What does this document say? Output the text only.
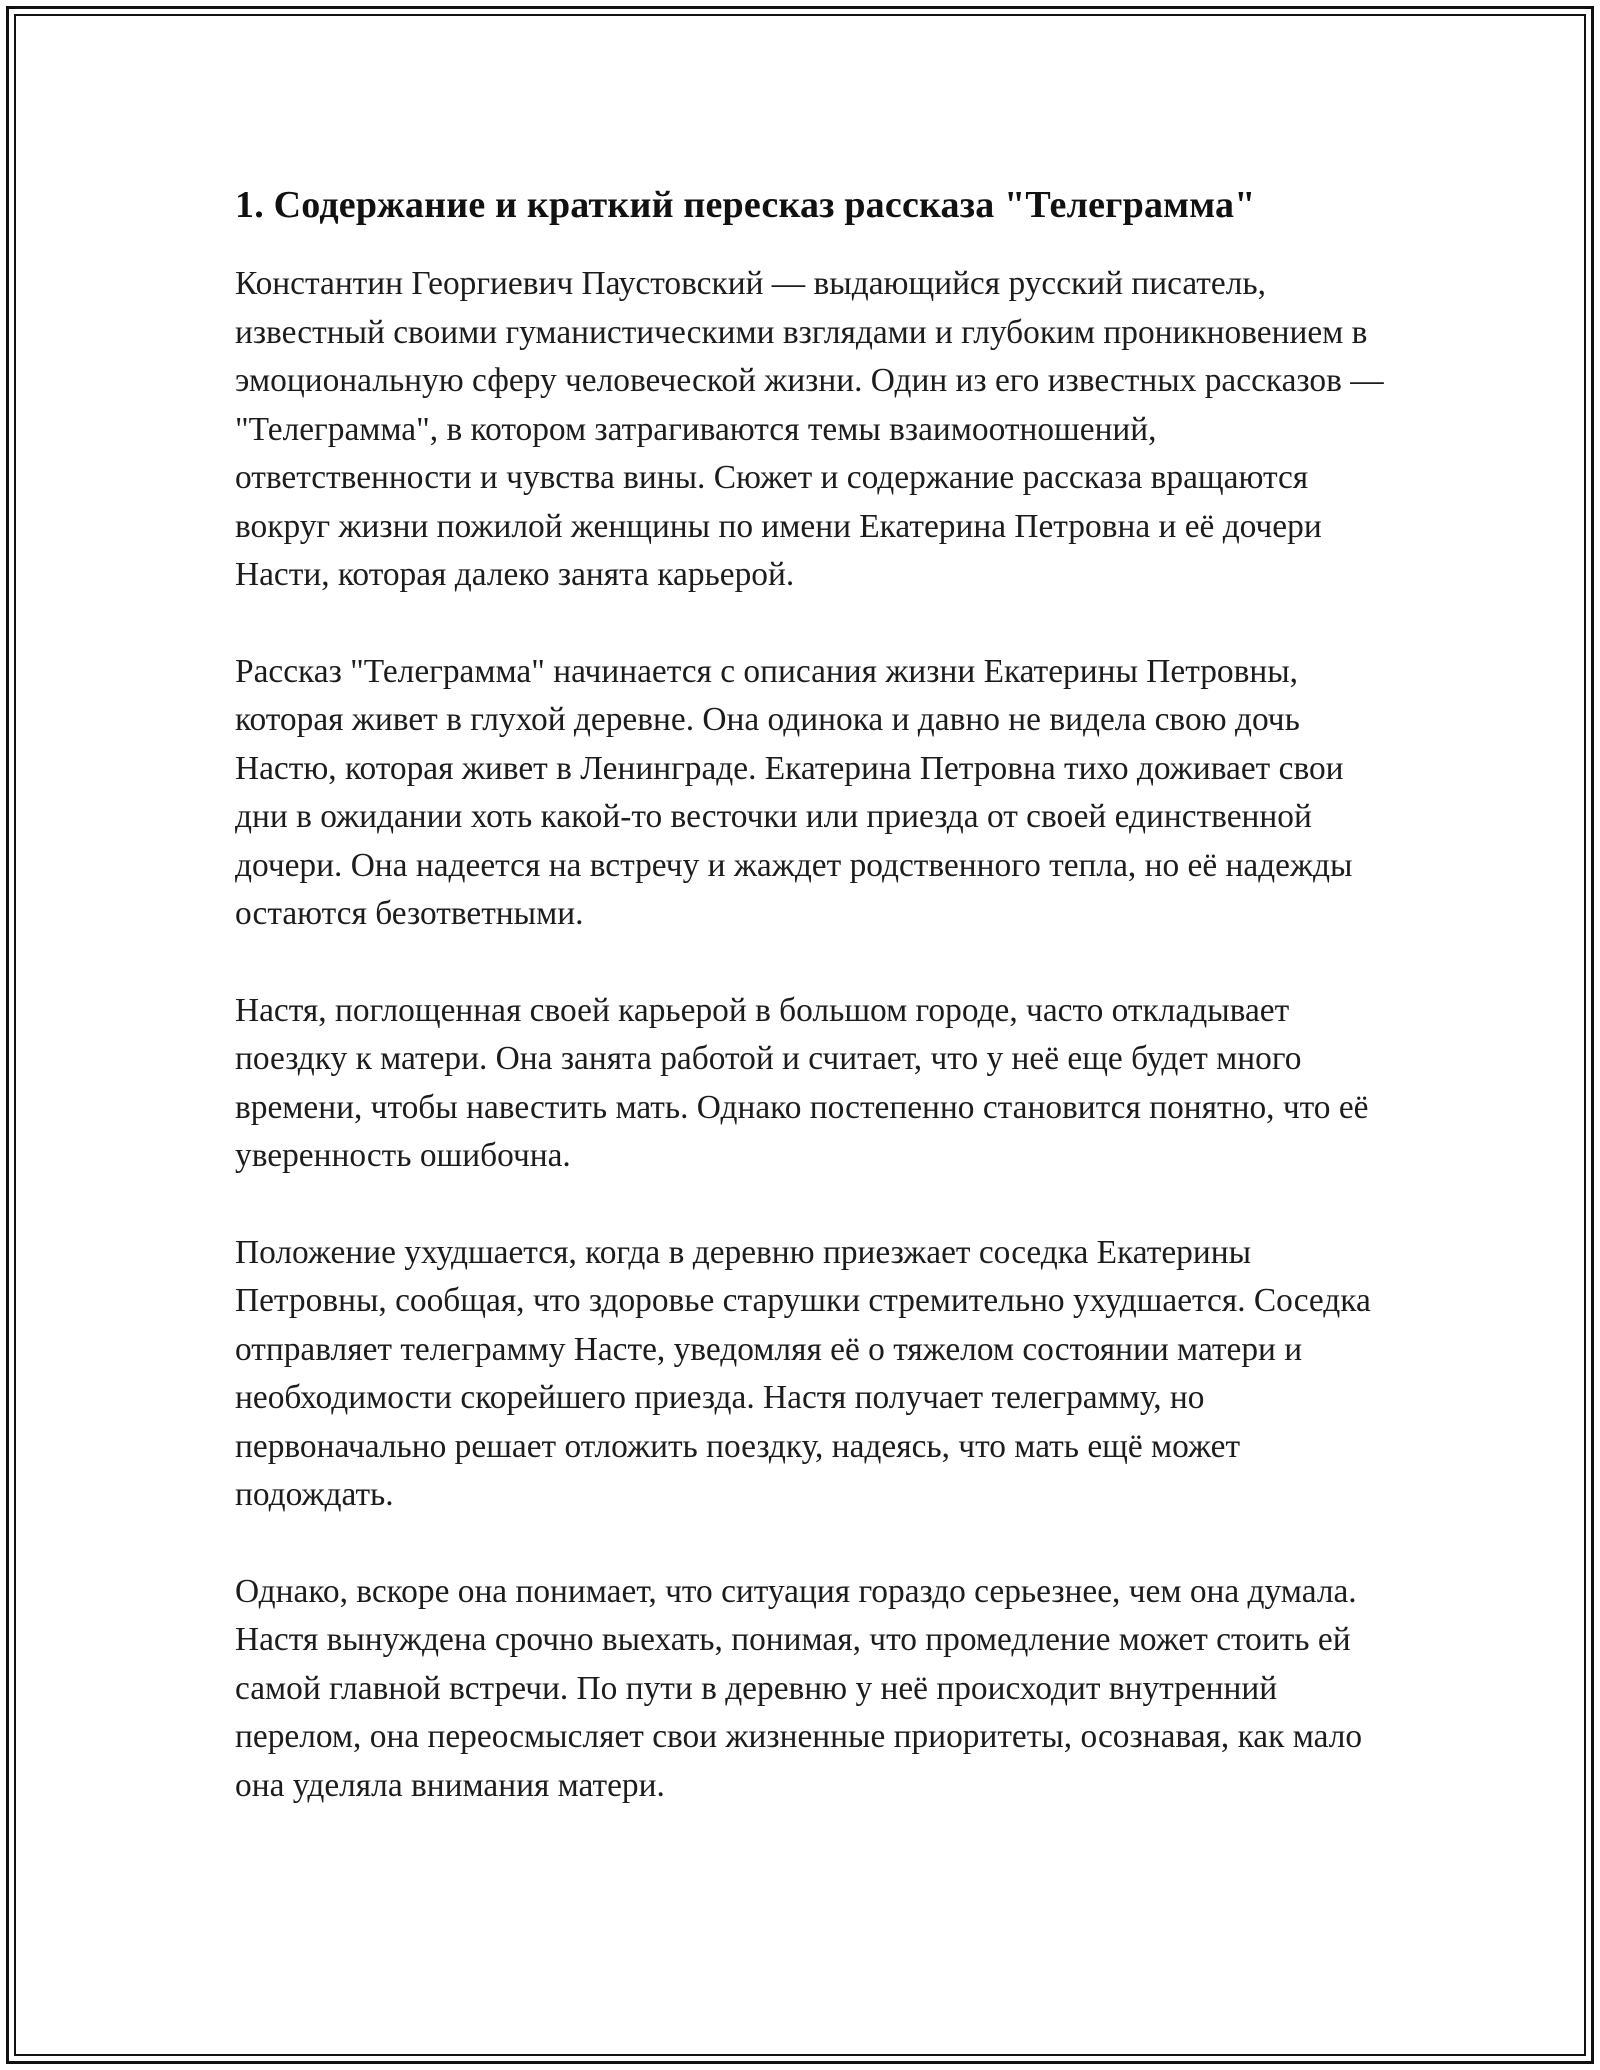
1. Содержание и краткий пересказ рассказа "Телеграмма"

Константин Георгиевич Паустовский — выдающийся русский писатель, известный своими гуманистическими взглядами и глубоким проникновением в эмоциональную сферу человеческой жизни. Один из его известных рассказов — "Телеграмма", в котором затрагиваются темы взаимоотношений, ответственности и чувства вины. Сюжет и содержание рассказа вращаются вокруг жизни пожилой женщины по имени Екатерина Петровна и её дочери Насти, которая далеко занята карьерой.

Рассказ "Телеграмма" начинается с описания жизни Екатерины Петровны, которая живет в глухой деревне. Она одинока и давно не видела свою дочь Настю, которая живет в Ленинграде. Екатерина Петровна тихо доживает свои дни в ожидании хоть какой-то весточки или приезда от своей единственной дочери. Она надеется на встречу и жаждет родственного тепла, но её надежды остаются безответными.

Настя, поглощенная своей карьерой в большом городе, часто откладывает поездку к матери. Она занята работой и считает, что у неё еще будет много времени, чтобы навестить мать. Однако постепенно становится понятно, что её уверенность ошибочна.

Положение ухудшается, когда в деревню приезжает соседка Екатерины Петровны, сообщая, что здоровье старушки стремительно ухудшается. Соседка отправляет телеграмму Насте, уведомляя её о тяжелом состоянии матери и необходимости скорейшего приезда. Настя получает телеграмму, но первоначально решает отложить поездку, надеясь, что мать ещё может подождать.

Однако, вскоре она понимает, что ситуация гораздо серьезнее, чем она думала. Настя вынуждена срочно выехать, понимая, что промедление может стоить ей самой главной встречи. По пути в деревню у неё происходит внутренний перелом, она переосмысляет свои жизненные приоритеты, осознавая, как мало она уделяла внимания матери.
